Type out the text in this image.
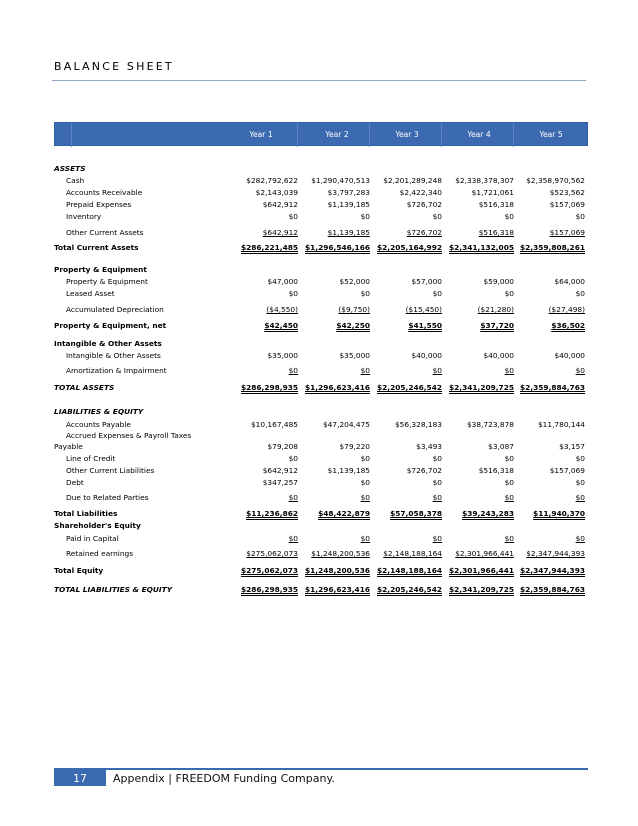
BALANCE SHEET
Year 1	Year 2	Year 3	Year 4	Year 5
ASSETS
Cash	$282,792,622 $1,290,470,513 $2,201,289,248 $2,338,378,307 $2,358,970,562
Accounts Receivable	$2,143,039	$3,797,283	$2,422,340	$1,721,061	$523,562
Prepaid Expenses	$642,912	$1,139,185	$726,702	$516,318	$157,069
Inventory	$0	$0	$0	$0	$0
Other Current Assets	$642,912	$1,139,185	$726,702	$516,318	$157,069
Total Current Assets	$286,221,485 $1,296,546,166 $2,205,164,992 $2,341,132,005 $2,359,808,261
Property & Equipment
Property & Equipment	$47,000	$52,000	$57,000	$59,000	$64,000
Leased Asset	$0	$0	$0	$0	$0
Accumulated Depreciation	($4,550)	($9,750)	($15,450)	($21,280)	($27,498)
Property & Equipment, net	$42,450	$42,250	$41,550	$37,720	$36,502
Intangible & Other Assets
Intangible & Other Assets	$35,000	$35,000	$40,000	$40,000	$40,000
Amortization & Impairment	$0	$0	$0	$0	$0
TOTAL ASSETS	$286,298,935 $1,296,623,416 $2,205,246,542 $2,341,209,725 $2,359,884,763
LIABILITIES & EQUITY
Accounts Payable	$10,167,485	$47,204,475	$56,328,183	$38,723,878	$11,780,144
Accrued Expenses & Payroll Taxes
Payable	$79,208	$79,220	$3,493	$3,087	$3,157
Line of Credit	$0	$0	$0	$0	$0
Other Current Liabilities	$642,912	$1,139,185	$726,702	$516,318	$157,069
Debt	$347,257	$0	$0	$0	$0
Due to Related Parties	$0	$0	$0	$0	$0
Total Liabilities	$11,236,862	$48,422,879	$57,058,378	$39,243,283	$11,940,370
Shareholder's Equity
Paid in Capital	$0	$0	$0	$0	$0
Retained earnings	$275,062,073 $1,248,200,536 $2,148,188,164 $2,301,966,441 $2,347,944,393
Total Equity	$275,062,073 $1,248,200,536 $2,148,188,164 $2,301,966,441 $2,347,944,393
TOTAL LIABILITIES & EQUITY	$286,298,935 $1,296,623,416 $2,205,246,542 $2,341,209,725 $2,359,884,763
17	Appendix | FREEDOM Funding Company.
